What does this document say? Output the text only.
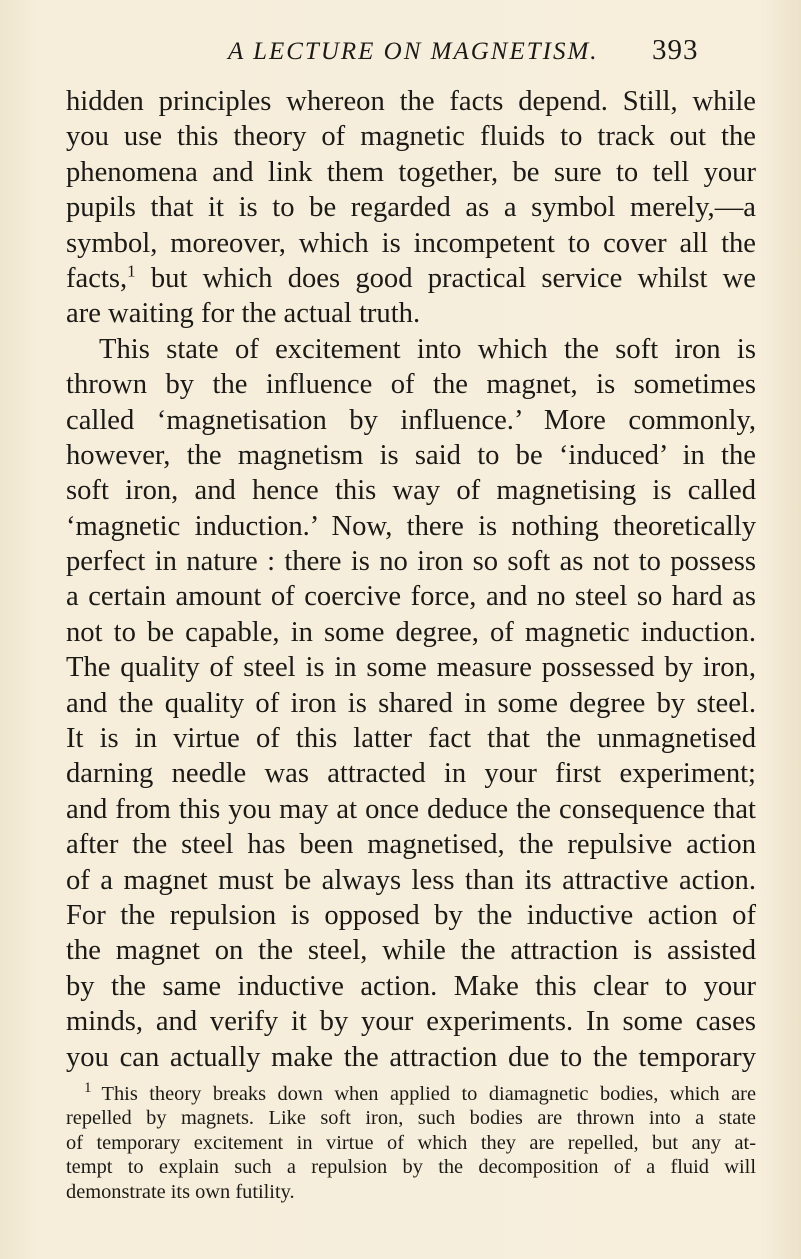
A LECTURE ON MAGNETISM. 393
hidden principles whereon the facts depend. Still, while
you use this theory of magnetic fluids to track out the
phenomena and link them together, be sure to tell your
pupils that it is to be regarded as a symbol merely,—a
symbol, moreover, which is incompetent to cover all the
facts,$^1$ but which does good practical service whilst we
are waiting for the actual truth.
This state of excitement into which the soft iron is
thrown by the influence of the magnet, is sometimes
called ‘magnetisation by influence.’ More commonly,
however, the magnetism is said to be ‘induced’ in the
soft iron, and hence this way of magnetising is called
‘magnetic induction.’ Now, there is nothing theoretically
perfect in nature : there is no iron so soft as not to possess
a certain amount of coercive force, and no steel so hard as
not to be capable, in some degree, of magnetic induction.
The quality of steel is in some measure possessed by iron,
and the quality of iron is shared in some degree by steel.
It is in virtue of this latter fact that the unmagnetised
darning needle was attracted in your first experiment;
and from this you may at once deduce the consequence that
after the steel has been magnetised, the repulsive action
of a magnet must be always less than its attractive action.
For the repulsion is opposed by the inductive action of
the magnet on the steel, while the attraction is assisted
by the same inductive action. Make this clear to your
minds, and verify it by your experiments. In some cases
you can actually make the attraction due to the temporary
$^1$ This theory breaks down when applied to diamagnetic bodies, which are
repelled by magnets. Like soft iron, such bodies are thrown into a state
of temporary excitement in virtue of which they are repelled, but any at-
tempt to explain such a repulsion by the decomposition of a fluid will
demonstrate its own futility.
